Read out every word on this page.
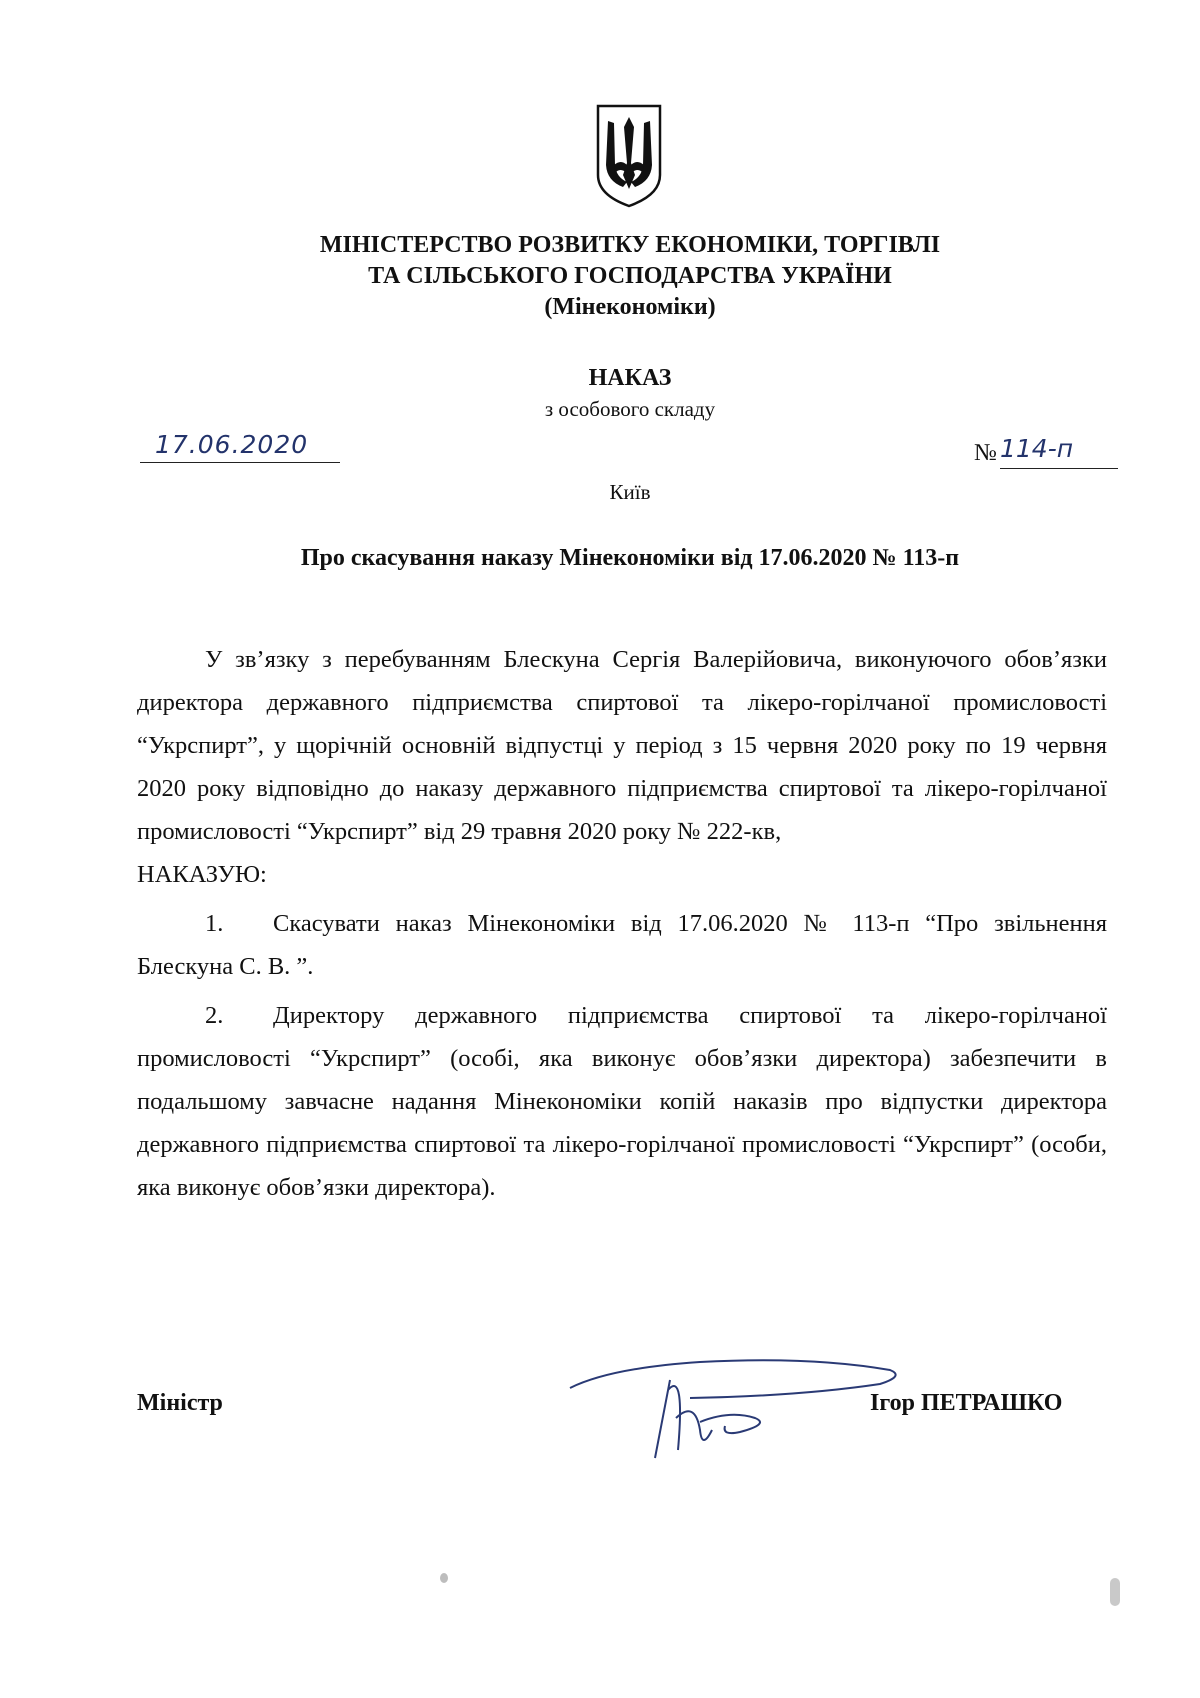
МІНІСТЕРСТВО РОЗВИТКУ ЕКОНОМІКИ, ТОРГІВЛІ
ТА СІЛЬСЬКОГО ГОСПОДАРСТВА УКРАЇНИ
(Мінекономіки)
НАКАЗ
з особового складу
17.06.2020	№ 114-п
Київ
Про скасування наказу Мінекономіки від 17.06.2020 № 113-п

У зв’язку з перебуванням Блескуна Сергія Валерійовича, виконуючого обов’язки директора державного підприємства спиртової та лікеро-горілчаної промисловості “Укрспирт”, у щорічній основній відпустці у період з 15 червня 2020 року по 19 червня 2020 року відповідно до наказу державного підприємства спиртової та лікеро-горілчаної промисловості “Укрспирт” від 29 травня 2020 року № 222-кв,

НАКАЗУЮ:

1. Скасувати наказ Мінекономіки від 17.06.2020 № 113-п “Про звільнення Блескуна С. В. ”.

2. Директору державного підприємства спиртової та лікеро-горілчаної промисловості “Укрспирт” (особі, яка виконує обов’язки директора) забезпечити в подальшому завчасне надання Мінекономіки копій наказів про відпустки директора державного підприємства спиртової та лікеро-горілчаної промисловості “Укрспирт” (особи, яка виконує обов’язки директора).

Міністр	Ігор ПЕТРАШКО
